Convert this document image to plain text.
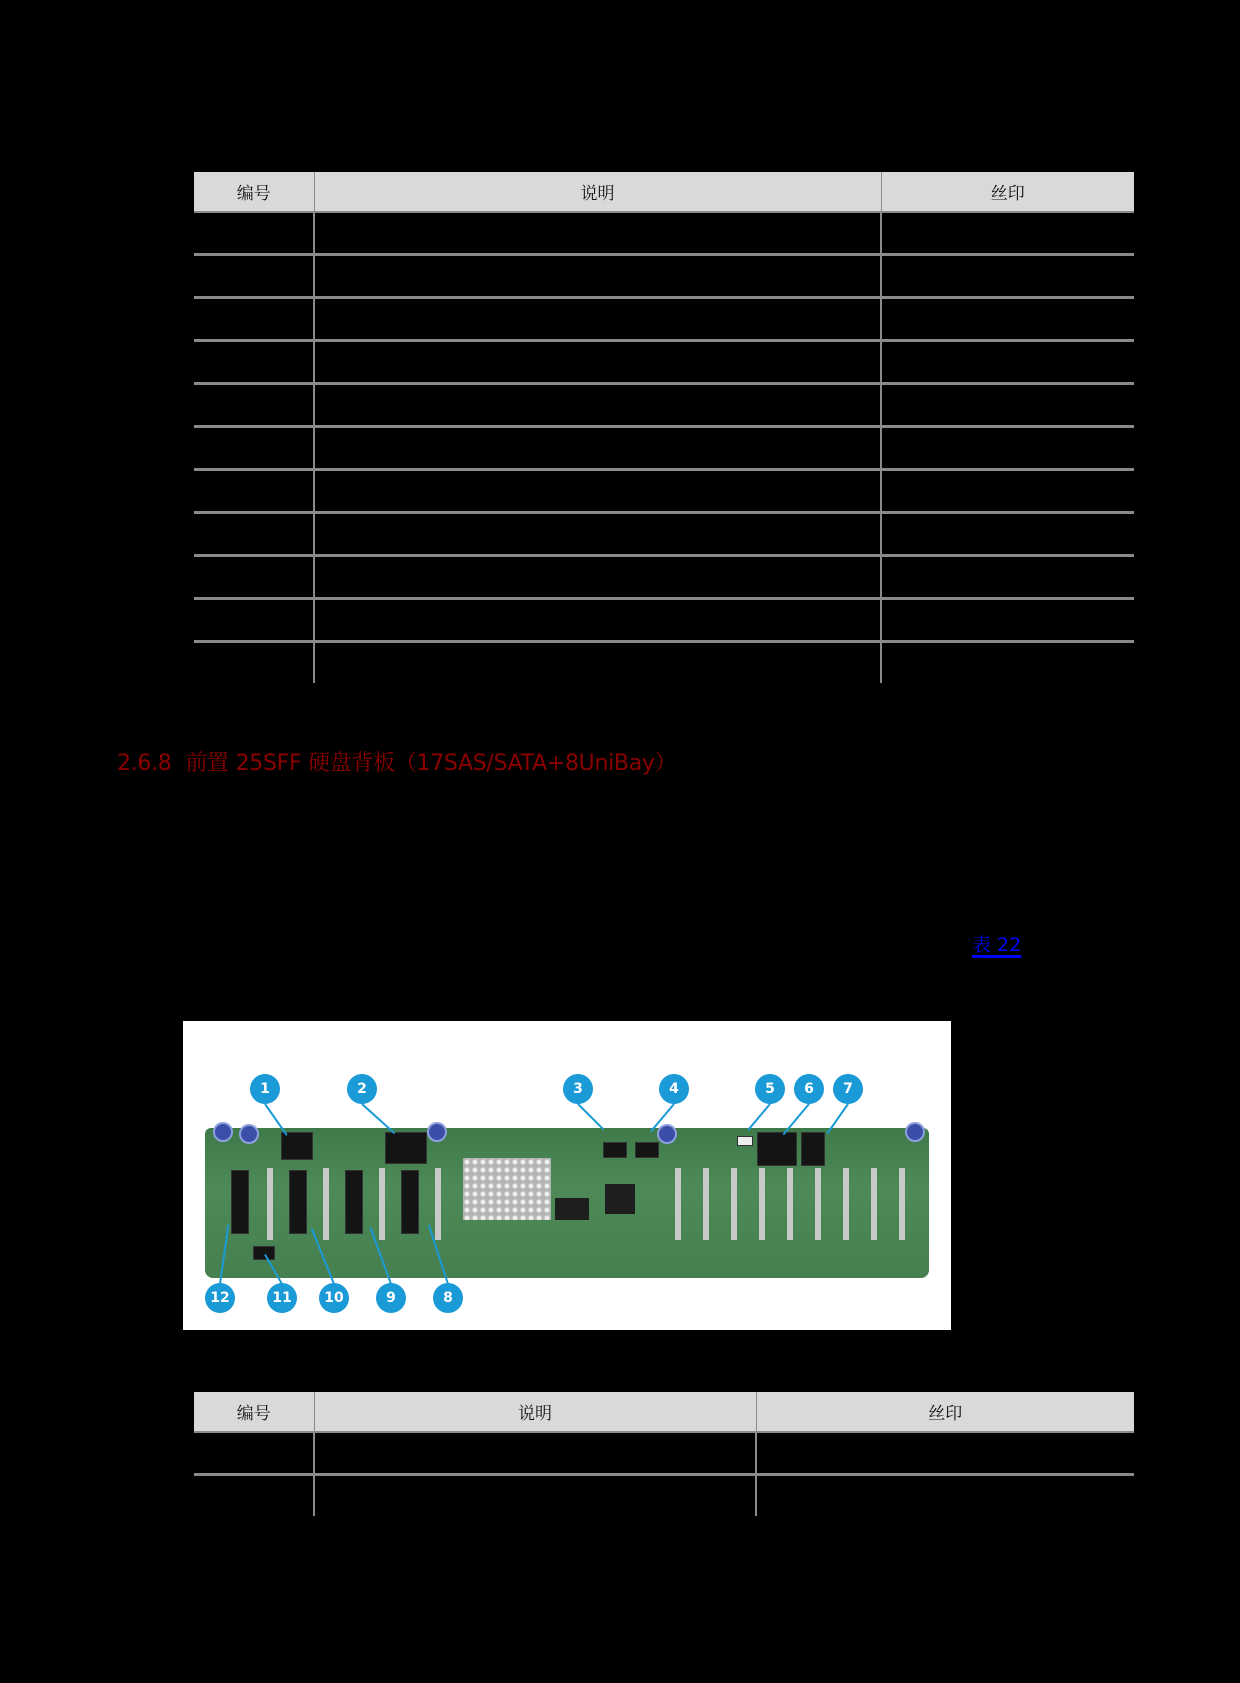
编号	说明	丝印

2.6.8 前置 25SFF 硬盘背板（17SAS/SATA+8UniBay）
表 22
1	2	3	4	5	6	7
12	11	10	9	8
编号	说明	丝印
